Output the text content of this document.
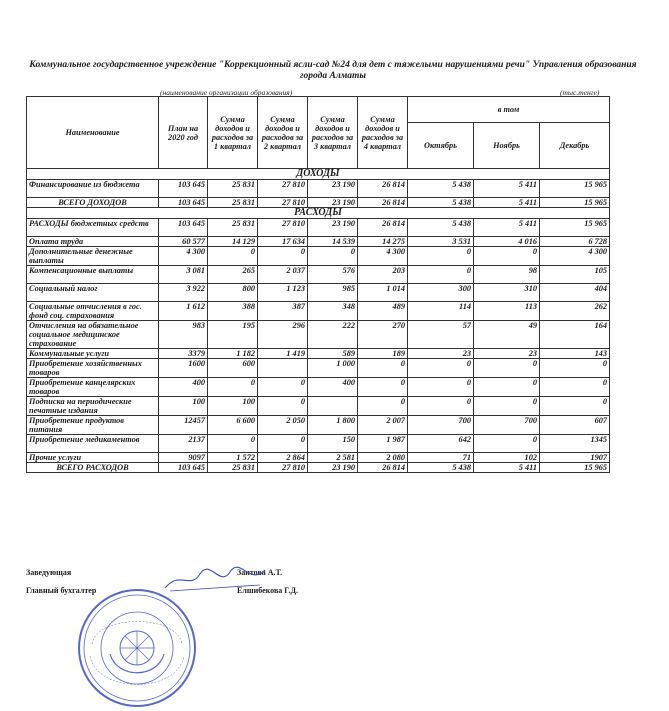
Коммунальное государственное учреждение "Коррекционный ясли-сад №24 для дет с тяжелыми нарушениями речи" Управления образования города Алматы
(наименование организации образования)	(тыс.тенге)
Наименование	План на 2020 год	Сумма доходов и расходов за 1 квартал	Сумма доходов и расходов за 2 квартал	Сумма доходов и расходов за 3 квартал	Сумма доходов и расходов за 4 квартал	в том		
						Октябрь	Ноябрь	Декабрь
ДОХОДЫ								
Финансирование из бюджета	103 645	25 831	27 810	23 190	26 814	5 438	5 411	15 965
ВСЕГО ДОХОДОВ	103 645	25 831	27 810	23 190	26 814	5 438	5 411	15 965
РАСХОДЫ								
РАСХОДЫ бюджетных средств	103 645	25 831	27 810	23 190	26 814	5 438	5 411	15 965
Оплата труда	60 577	14 129	17 634	14 539	14 275	3 531	4 016	6 728
Дополнительные денежные выплаты	4 300	0	0	0	4 300	0	0	4 300
Компенсационные выплаты	3 081	265	2 037	576	203	0	98	105
Социальный налог	3 922	800	1 123	985	1 014	300	310	404
Социальные отчисления в гос. фонд соц. страхования	1 612	388	387	348	489	114	113	262
Отчисления на обязательное социальное медицинское страхование	983	195	296	222	270	57	49	164
Коммунальные услуги	3379	1 182	1 419	589	189	23	23	143
Приобретение хозяйственных товаров	1600	600		1 000	0	0	0	0
Приобретение канцелярских товаров	400	0	0	400	0	0	0	0
Подписка на периодические печатные издания	100	100	0		0	0	0	0
Приобретение продуктов питания	12457	6 600	2 050	1 800	2 007	700	700	607
Приобретение медикаментов	2137	0	0	150	1 987	642	0	1345
Прочие услуги	9097	1 572	2 864	2 581	2 080	71	102	1907
ВСЕГО РАСХОДОВ	103 645	25 831	27 810	23 190	26 814	5 438	5 411	15 965
Заведующая	Заитова А.Т.
Главный бухгалтер	Елшибекова Г.Д.
